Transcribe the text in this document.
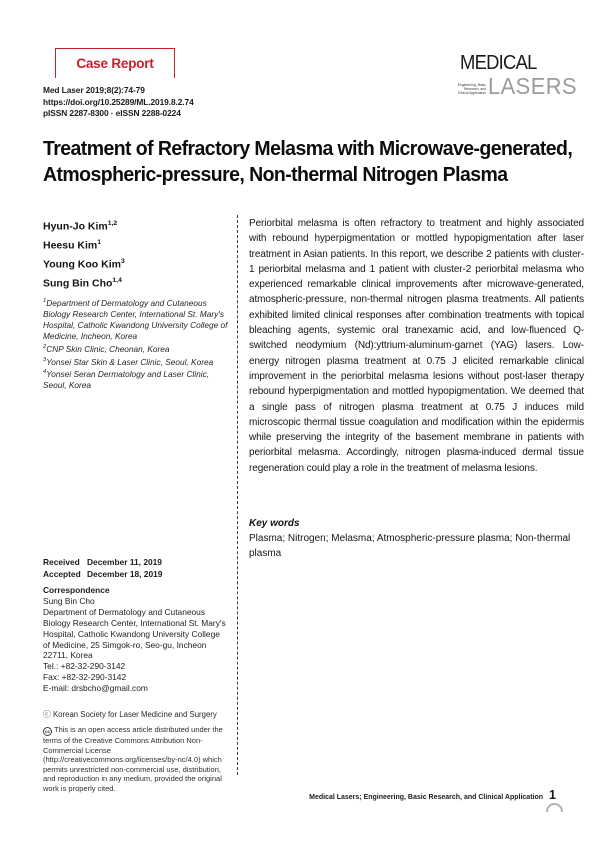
Case Report
Med Laser 2019;8(2):74-79
https://doi.org/10.25289/ML.2019.8.2.74
pISSN 2287-8300 · eISSN 2288-0224
MEDICAL
Engineering, Basic Research, and Clinical Application LASERS
Treatment of Refractory Melasma with Microwave-generated,
Atmospheric-pressure, Non-thermal Nitrogen Plasma
Hyun-Jo Kim$^{1,2}$
Heesu Kim$^1$
Young Koo Kim$^3$
Sung Bin Cho$^{1,4}$
$^1$Department of Dermatology and Cutaneous Biology Research Center, International St. Mary's Hospital, Catholic Kwandong University College of Medicine, Incheon, Korea
$^2$CNP Skin Clinic, Cheonan, Korea
$^3$Yonsei Star Skin & Laser Clinic, Seoul, Korea
$^4$Yonsei Seran Dermatology and Laser Clinic, Seoul, Korea
Received December 11, 2019
Accepted December 18, 2019
Correspondence
Sung Bin Cho
Department of Dermatology and Cutaneous Biology Research Center, International St. Mary's Hospital, Catholic Kwandong University College of Medicine, 25 Simgok-ro, Seo-gu, Incheon 22711, Korea
Tel.: +82-32-290-3142
Fax: +82-32-290-3142
E-mail: drsbcho@gmail.com
ⓒ Korean Society for Laser Medicine and Surgery
cc This is an open access article distributed under the terms of the Creative Commons Attribution Non-Commercial License (http://creativecommons.org/licenses/by-nc/4.0) which permits unrestricted non-commercial use, distribution, and reproduction in any medium, provided the original work is properly cited.
Periorbital melasma is often refractory to treatment and highly associated with rebound hyperpigmentation or mottled hypopigmentation after laser treatment in Asian patients. In this report, we describe 2 patients with cluster-1 periorbital melasma and 1 patient with cluster-2 periorbital melasma who experienced remarkable clinical improvements after microwave-generated, atmospheric-pressure, non-thermal nitrogen plasma treatments. All patients exhibited limited clinical responses after combination treatments with topical bleaching agents, systemic oral tranexamic acid, and low-fluenced Q-switched neodymium (Nd):yttrium-aluminum-garnet (YAG) lasers. Low-energy nitrogen plasma treatment at 0.75 J elicited remarkable clinical improvement in the periorbital melasma lesions without post-laser therapy rebound hyperpigmentation and mottled hypopigmentation. We deemed that a single pass of nitrogen plasma treatment at 0.75 J induces mild microscopic thermal tissue coagulation and modification within the epidermis while preserving the integrity of the basement membrane in patients with periorbital melasma. Accordingly, nitrogen plasma-induced dermal tissue regeneration could play a role in the treatment of melasma lesions.
Key words
Plasma; Nitrogen; Melasma; Atmospheric-pressure plasma; Non-thermal plasma
Medical Lasers; Engineering, Basic Research, and Clinical Application 1
